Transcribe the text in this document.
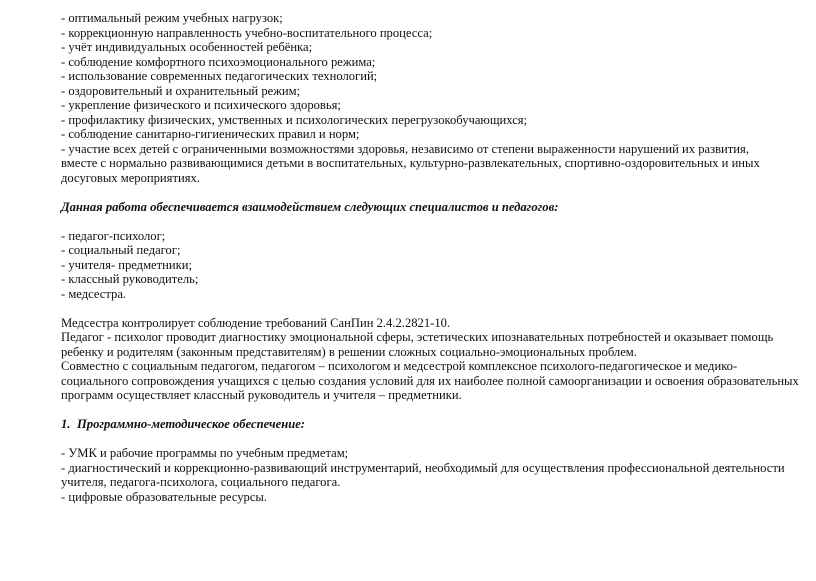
- оптимальный режим учебных нагрузок;
- коррекционную направленность учебно-воспитательного процесса;
- учёт индивидуальных особенностей ребёнка;
- соблюдение комфортного психоэмоционального режима;
- использование современных педагогических технологий;
- оздоровительный и охранительный режим;
- укрепление физического и психического здоровья;
- профилактику физических, умственных и психологических перегрузокобучающихся;
- соблюдение санитарно-гигиенических правил и норм;
- участие всех детей с ограниченными возможностями здоровья, независимо от степени выраженности нарушений их развития,
вместе с нормально развивающимися детьми в воспитательных, культурно-развлекательных, спортивно-оздоровительных и иных
досуговых мероприятиях.
Данная работа обеспечивается взаимодействием следующих специалистов и педагогов:
- педагог-психолог;
- социальный педагог;
- учителя- предметники;
- классный руководитель;
- медсестра.
Медсестра контролирует соблюдение требований СанПин 2.4.2.2821-10.
Педагог - психолог проводит диагностику эмоциональной сферы, эстетических ипознавательных потребностей и оказывает помощь
ребенку и родителям (законным представителям) в решении сложных социально-эмоциональных проблем.
Совместно с социальным педагогом, педагогом – психологом и медсестрой комплексное психолого-педагогическое и медико-
социального сопровождения учащихся с целью создания условий для их наиболее полной самоорганизации и освоения образовательных
программ осуществляет классный руководитель и учителя – предметники.
1. Программно-методическое обеспечение:
- УМК и рабочие программы по учебным предметам;
- диагностический и коррекционно-развивающий инструментарий, необходимый для осуществления профессиональной деятельности
учителя, педагога-психолога, социального педагога.
- цифровые образовательные ресурсы.
